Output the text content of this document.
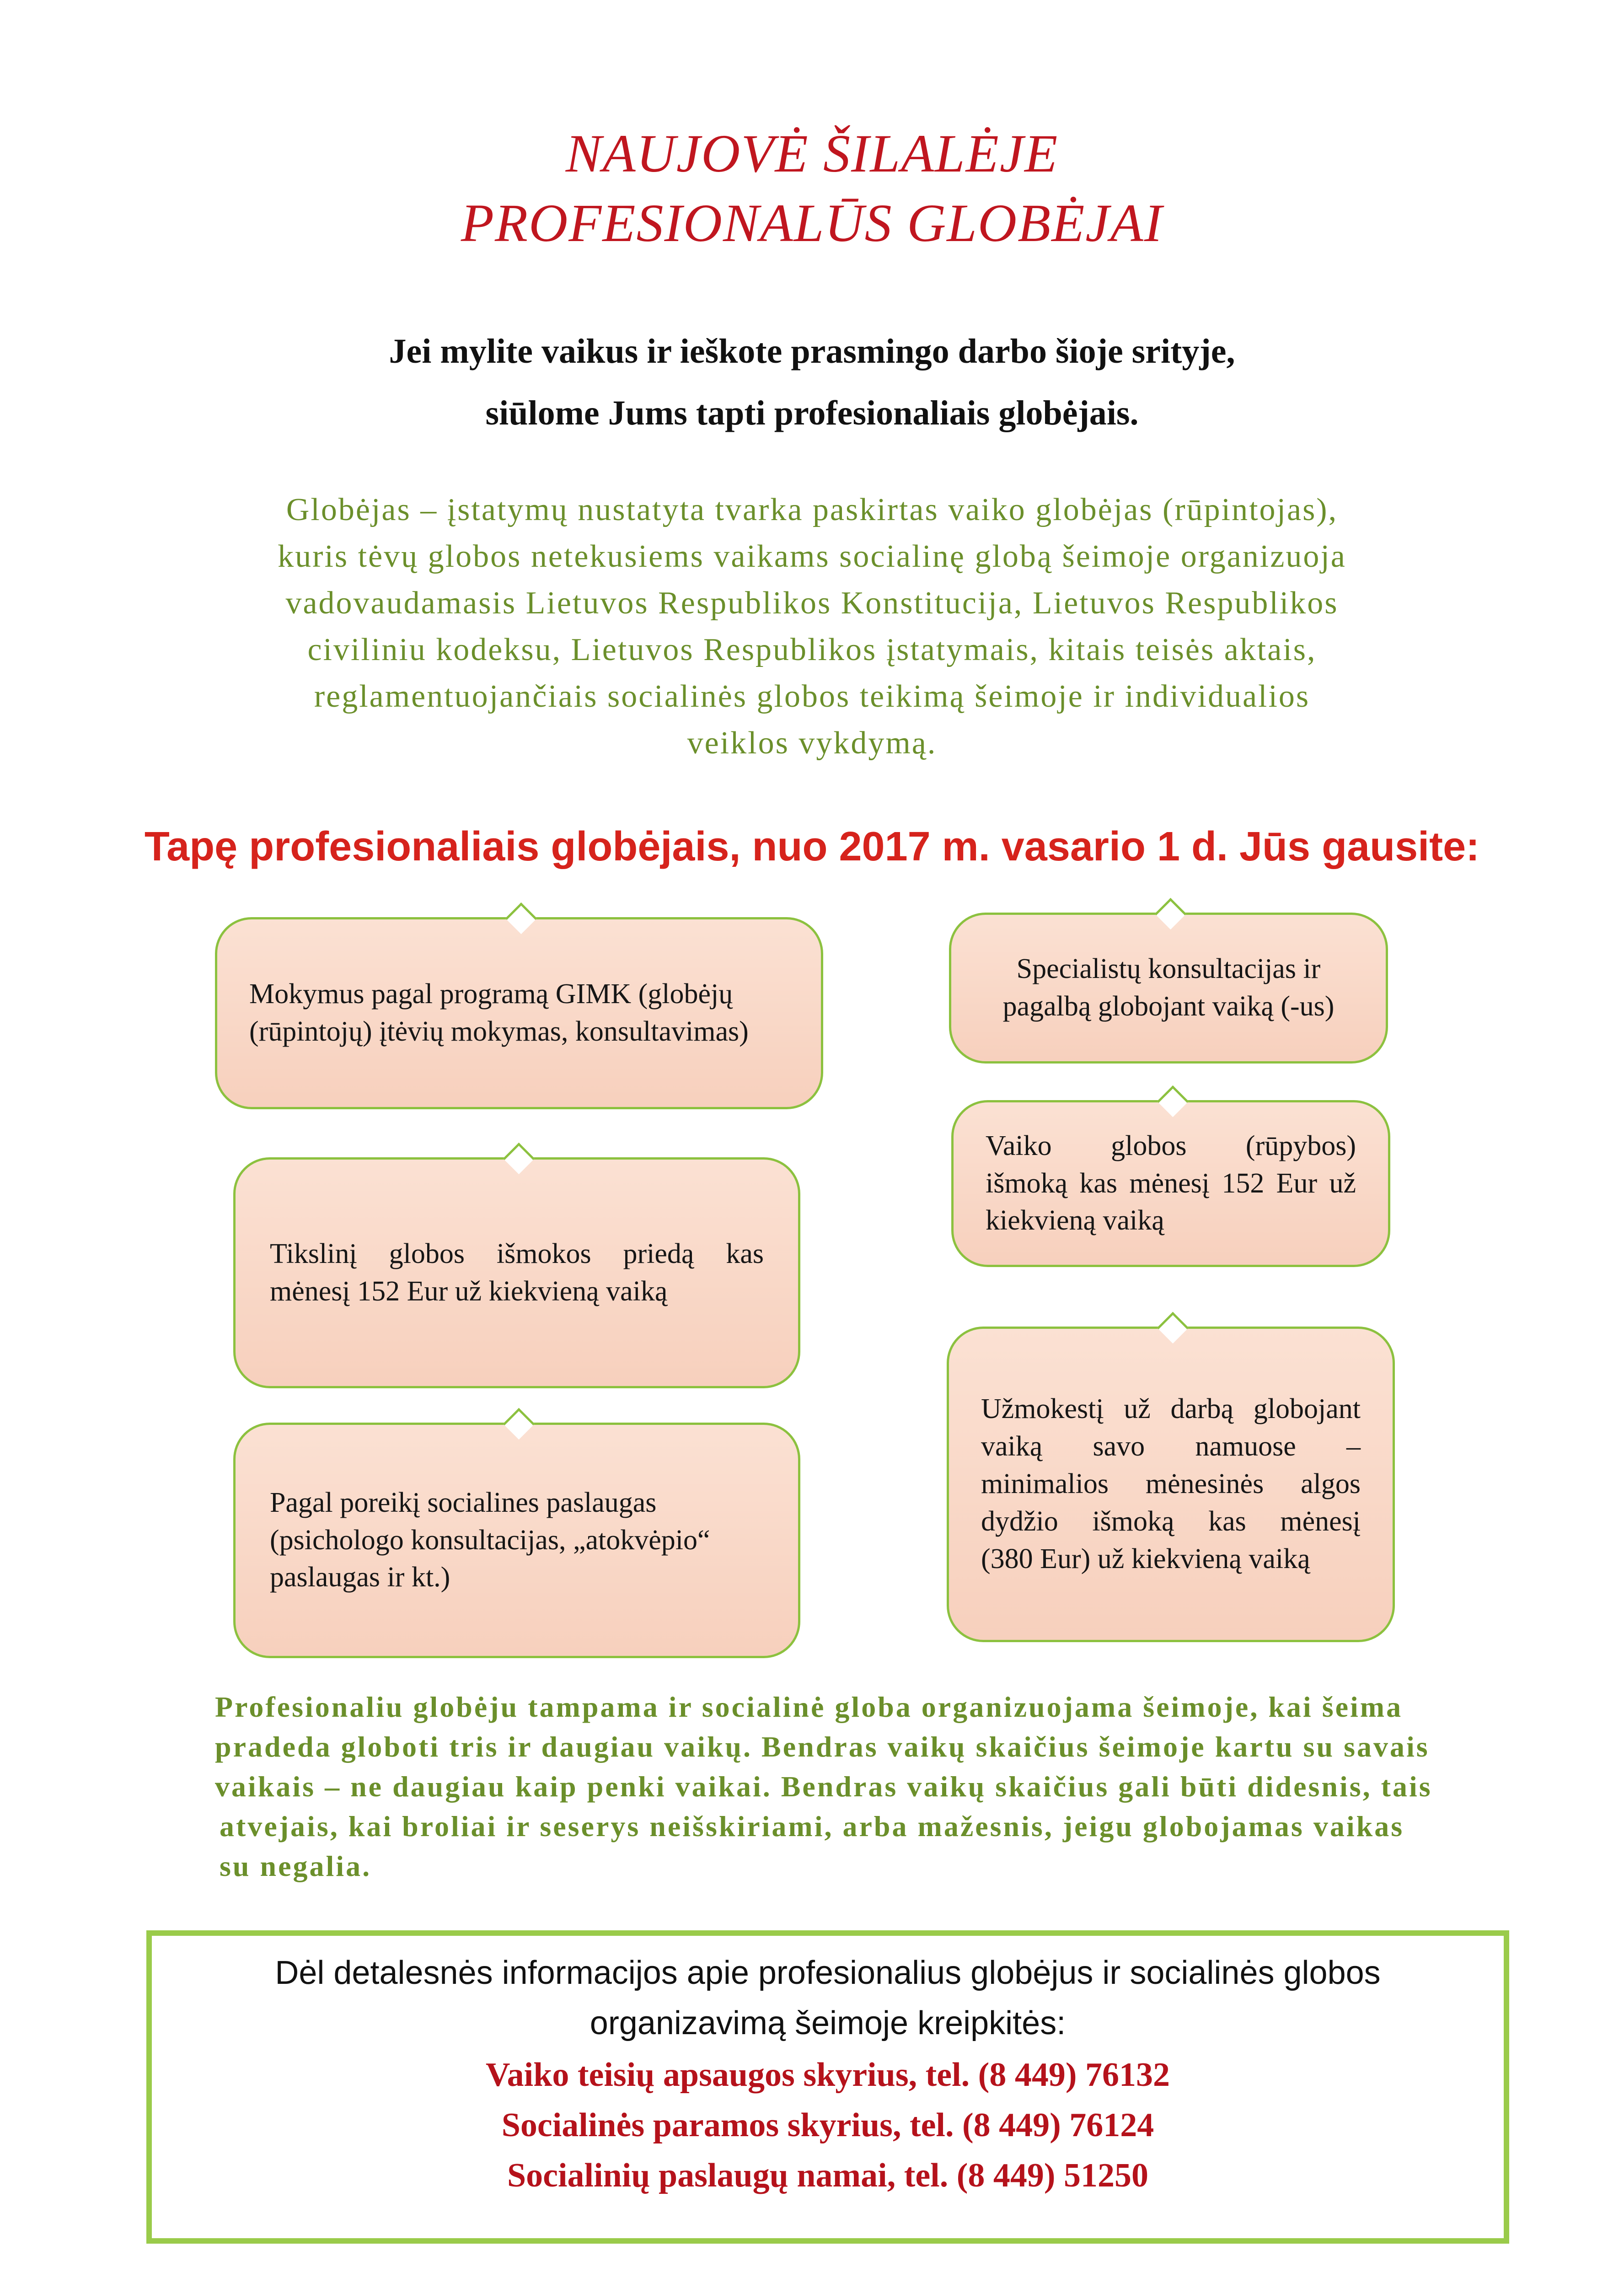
NAUJOVĖ ŠILALĖJE
PROFESIONALŪS GLOBĖJAI
Jei mylite vaikus ir ieškote prasmingo darbo šioje srityje,
siūlome Jums tapti profesionaliais globėjais.
Globėjas – įstatymų nustatyta tvarka paskirtas vaiko globėjas (rūpintojas),
kuris tėvų globos netekusiems vaikams socialinę globą šeimoje organizuoja
vadovaudamasis Lietuvos Respublikos Konstitucija, Lietuvos Respublikos
civiliniu kodeksu, Lietuvos Respublikos įstatymais, kitais teisės aktais,
reglamentuojančiais socialinės globos teikimą šeimoje ir individualios
veiklos vykdymą.
Tapę profesionaliais globėjais, nuo 2017 m. vasario 1 d. Jūs gausite:
Mokymus pagal programą GIMK (globėjų
(rūpintojų) įtėvių mokymas, konsultavimas)
Tikslinį globos išmokos priedą kas
mėnesį 152 Eur už kiekvieną vaiką
Pagal poreikį socialines paslaugas
(psichologo konsultacijas, „atokvėpio“
paslaugas ir kt.)
Specialistų konsultacijas ir
pagalbą globojant vaiką (-us)
Vaiko globos (rūpybos)
išmoką kas mėnesį 152 Eur už
kiekvieną vaiką
Užmokestį už darbą globojant
vaiką savo namuose –
minimalios mėnesinės algos
dydžio išmoką kas mėnesį
(380 Eur) už kiekvieną vaiką
Profesionaliu globėju tampama ir socialinė globa organizuojama šeimoje, kai šeima
pradeda globoti tris ir daugiau vaikų. Bendras vaikų skaičius šeimoje kartu su savais
vaikais – ne daugiau kaip penki vaikai. Bendras vaikų skaičius gali būti didesnis, tais
atvejais, kai broliai ir seserys neišskiriami, arba mažesnis, jeigu globojamas vaikas
su negalia.
Dėl detalesnės informacijos apie profesionalius globėjus ir socialinės globos
organizavimą šeimoje kreipkitės:
Vaiko teisių apsaugos skyrius, tel. (8 449) 76132
Socialinės paramos skyrius, tel. (8 449) 76124
Socialinių paslaugų namai, tel. (8 449) 51250
